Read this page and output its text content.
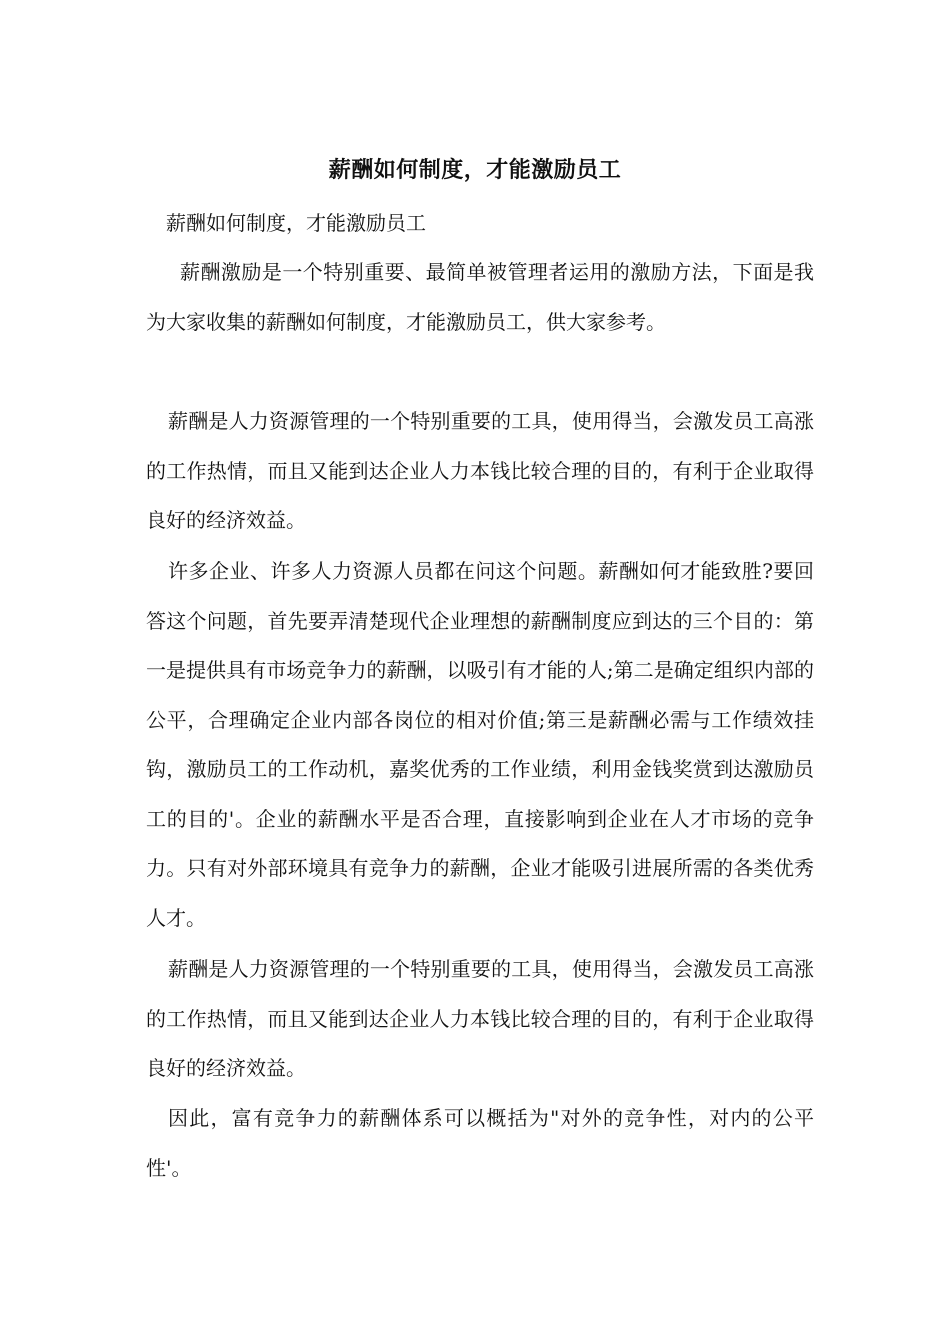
薪酬如何制度，才能激励员工
薪酬如何制度，才能激励员工
薪酬激励是一个特别重要、最简单被管理者运用的激励方法，下面是我为大家收集的薪酬如何制度，才能激励员工，供大家参考。
薪酬是人力资源管理的一个特别重要的工具，使用得当，会激发员工高涨的工作热情，而且又能到达企业人力本钱比较合理的目的，有利于企业取得良好的经济效益。
许多企业、许多人力资源人员都在问这个问题。薪酬如何才能致胜?要回答这个问题，首先要弄清楚现代企业理想的薪酬制度应到达的三个目的：第一是提供具有市场竞争力的薪酬，以吸引有才能的人;第二是确定组织内部的公平，合理确定企业内部各岗位的相对价值;第三是薪酬必需与工作绩效挂钩，激励员工的工作动机，嘉奖优秀的工作业绩，利用金钱奖赏到达激励员工的目的'。企业的薪酬水平是否合理，直接影响到企业在人才市场的竞争力。只有对外部环境具有竞争力的薪酬，企业才能吸引进展所需的各类优秀人才。
薪酬是人力资源管理的一个特别重要的工具，使用得当，会激发员工高涨的工作热情，而且又能到达企业人力本钱比较合理的目的，有利于企业取得良好的经济效益。
因此，富有竞争力的薪酬体系可以概括为"对外的竞争性，对内的公平性'。
